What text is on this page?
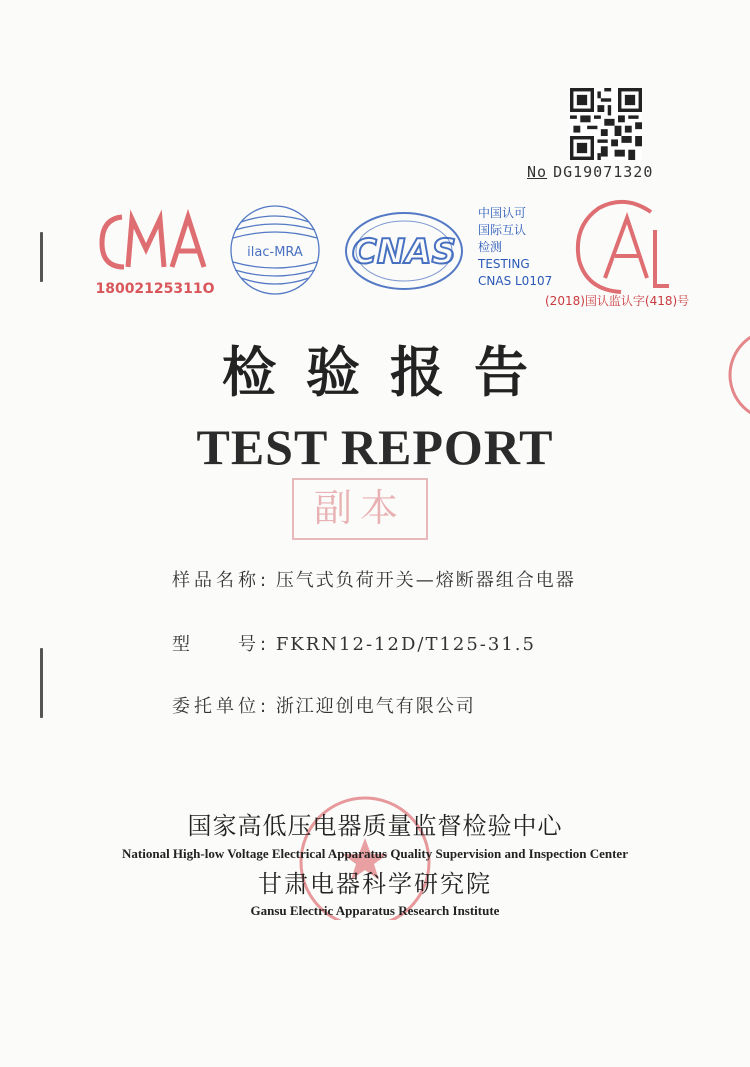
No DG19071320
18002125311O
ilac-MRA CNAS
中国认可
国际互认
检测
TESTING
CNAS L0107
(2018)国认监认字(418)号
检验报告
TEST REPORT
副本
样品名称: 压气式负荷开关—熔断器组合电器
型　　号: FKRN12-12D/T125-31.5
委托单位: 浙江迎创电气有限公司
国家高低压电器质量监督检验中心
National High-low Voltage Electrical Apparatus Quality Supervision and Inspection Center
甘肃电器科学研究院
Gansu Electric Apparatus Research Institute
